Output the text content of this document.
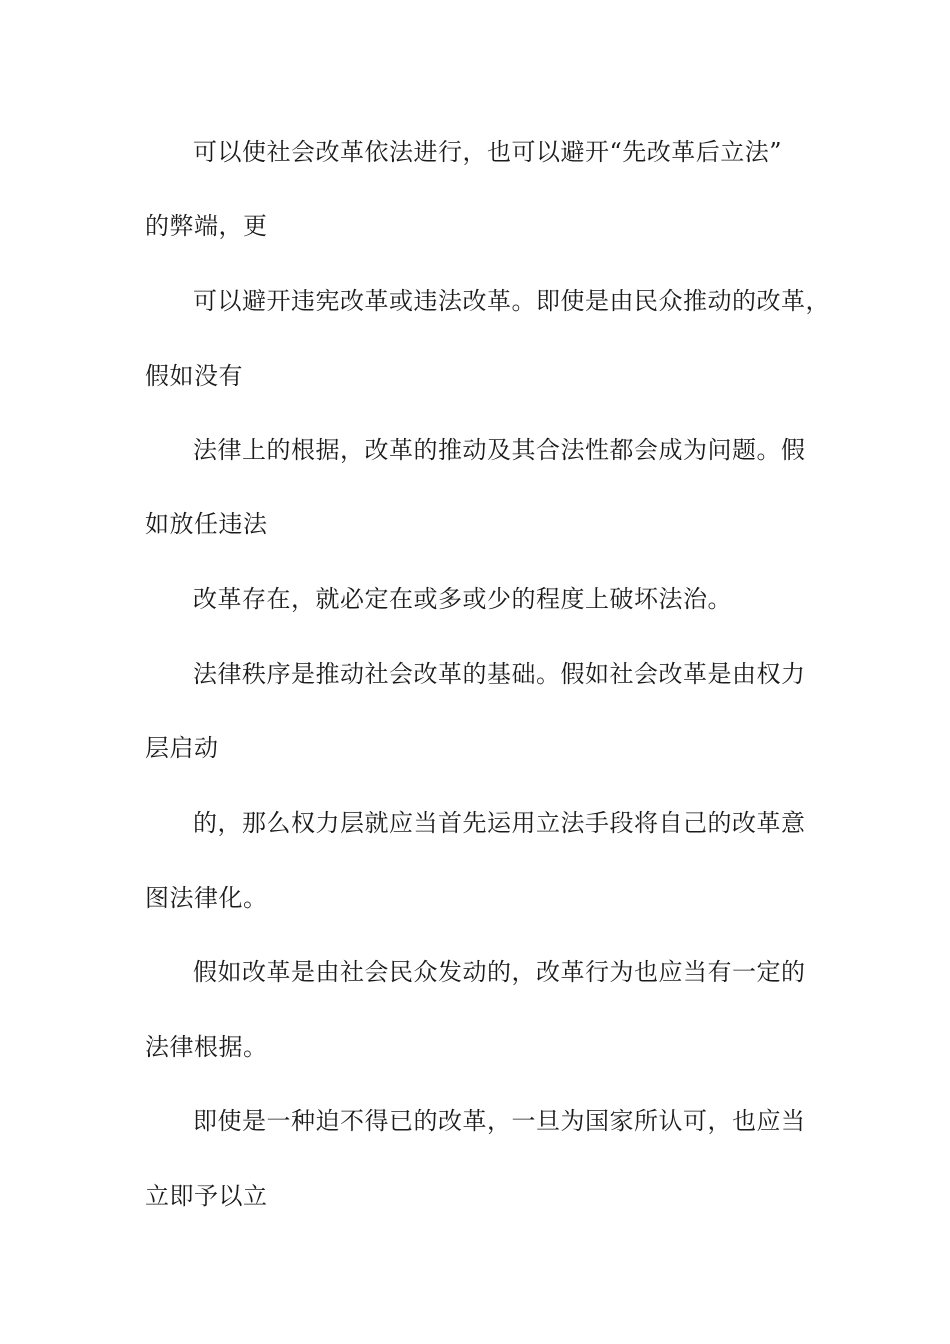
可以使社会改革依法进行，也可以避开“先改革后立法”
的弊端，更
可以避开违宪改革或违法改革。即使是由民众推动的改革，
假如没有
法律上的根据，改革的推动及其合法性都会成为问题。假
如放任违法
改革存在，就必定在或多或少的程度上破坏法治。
法律秩序是推动社会改革的基础。假如社会改革是由权力
层启动
的，那么权力层就应当首先运用立法手段将自己的改革意
图法律化。
假如改革是由社会民众发动的，改革行为也应当有一定的
法律根据。
即使是一种迫不得已的改革，一旦为国家所认可，也应当
立即予以立
